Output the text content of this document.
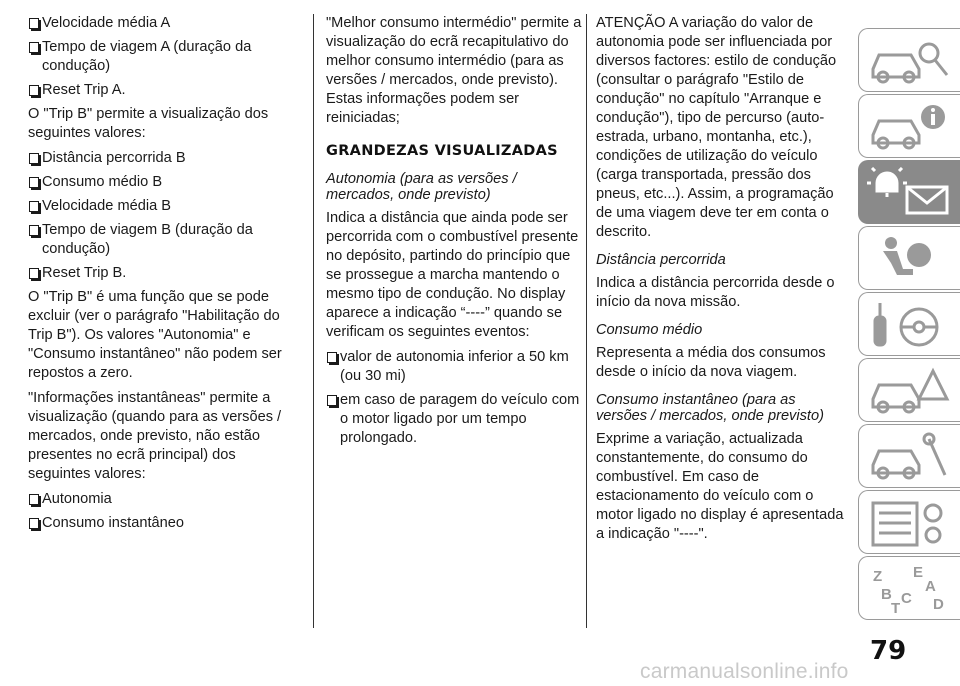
Velocidade média A
Tempo de viagem A (duração da condução)
Reset Trip A.

O "Trip B" permite a visualização dos seguintes valores:

Distância percorrida B
Consumo médio B
Velocidade média B
Tempo de viagem B (duração da condução)
Reset Trip B.

O "Trip B" é uma função que se pode excluir (ver o parágrafo "Habilitação do Trip B"). Os valores "Autonomia" e "Consumo instantâneo" não podem ser repostos a zero.

"Informações instantâneas" permite a visualização (quando para as versões / mercados, onde previsto, não estão presentes no ecrã principal) dos seguintes valores:

Autonomia
Consumo instantâneo

"Melhor consumo intermédio" permite a visualização do ecrã recapitulativo do melhor consumo intermédio (para as versões / mercados, onde previsto). Estas informações podem ser reiniciadas;

GRANDEZAS VISUALIZADAS
Autonomia (para as versões / mercados, onde previsto)

Indica a distância que ainda pode ser percorrida com o combustível presente no depósito, partindo do princípio que se prossegue a marcha mantendo o mesmo tipo de condução. No display aparece a indicação “----” quando se verificam os seguintes eventos:

valor de autonomia inferior a 50 km (ou 30 mi)
em caso de paragem do veículo com o motor ligado por um tempo prolongado.

ATENÇÃO A variação do valor de autonomia pode ser influenciada por diversos factores: estilo de condução (consultar o parágrafo "Estilo de condução" no capítulo "Arranque e condução"), tipo de percurso (auto-estrada, urbano, montanha, etc.), condições de utilização do veículo (carga transportada, pressão dos pneus, etc...). Assim, a programação de uma viagem deve ter em conta o descrito.

Distância percorrida

Indica a distância percorrida desde o início da nova missão.

Consumo médio

Representa a média dos consumos desde o início da nova viagem.

Consumo instantâneo (para as versões / mercados, onde previsto)

Exprime a variação, actualizada constantemente, do consumo do combustível. Em caso de estacionamento do veículo com o motor ligado no display é apresentada a indicação "----".

Z E
A
B C D
T
79
carmanualsonline.info
